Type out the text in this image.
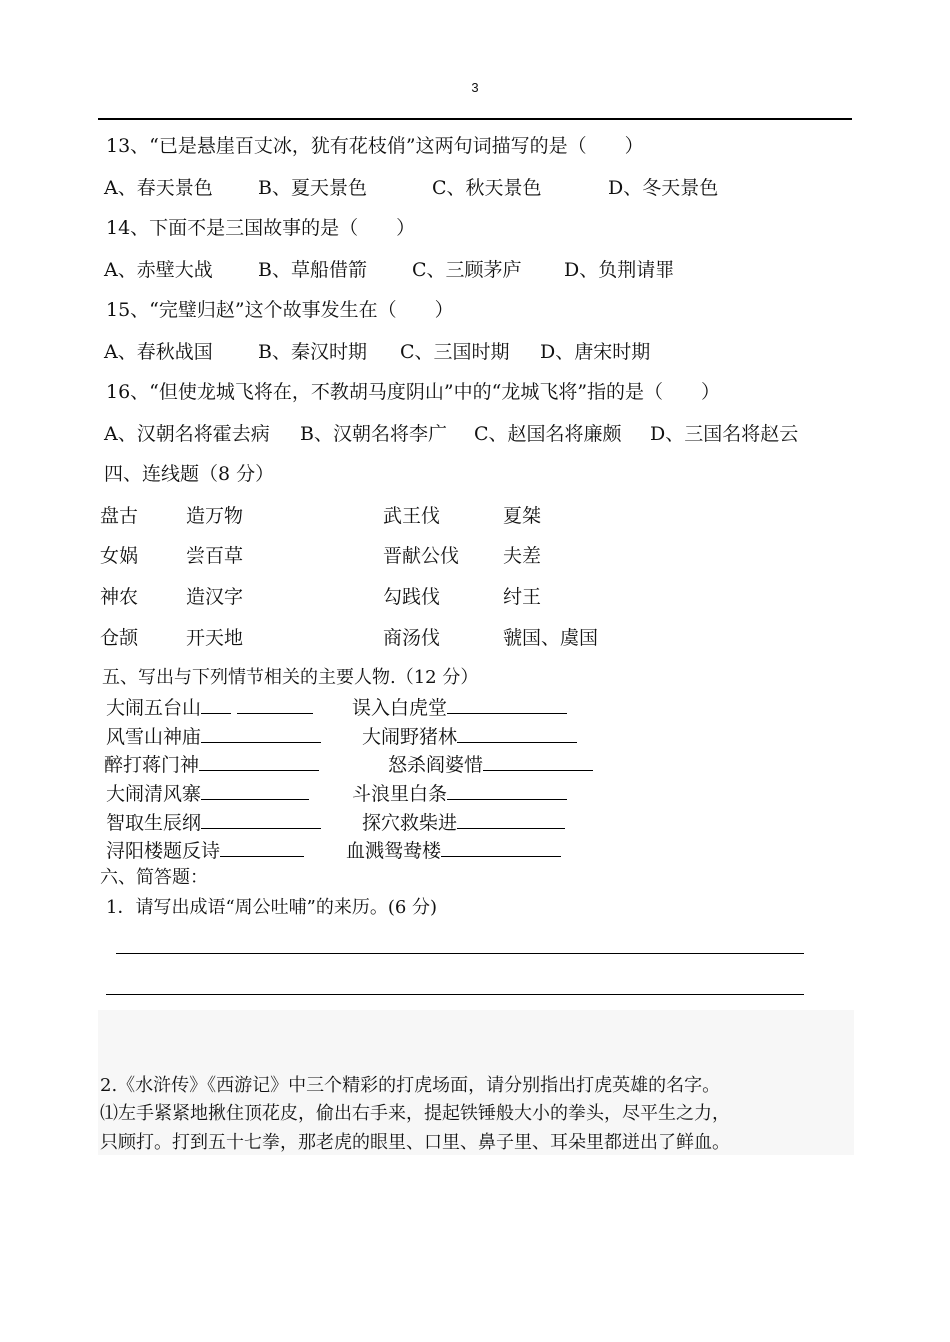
3
13、“已是悬崖百丈冰，犹有花枝俏”这两句词描写的是（　　）
A、春天景色 B、夏天景色	C、秋天景色	D、冬天景色
14、下面不是三国故事的是（　　）
A、赤壁大战 B、草船借箭 C、三顾茅庐 D、负荆请罪
15、“完璧归赵”这个故事发生在（　　）
A、春秋战国 B、秦汉时期 C、三国时期 D、唐宋时期
16、“但使龙城飞将在，不教胡马度阴山”中的“龙城飞将”指的是（　　）
A、汉朝名将霍去病 B、汉朝名将李广 C、赵国名将廉颇 D、三国名将赵云
四、连线题（8 分）
盘古	造万物	武王伐	夏桀
女娲	尝百草	晋献公伐 夫差
神农	造汉字	勾践伐	纣王
仓颉	开天地	商汤伐	虢国、虞国
五、写出与下列情节相关的主要人物.（12 分）
大闹五台山	误入白虎堂
风雪山神庙	大闹野猪林
醉打蒋门神	怒杀阎婆惜
大闹清风寨	斗浪里白条
智取生辰纲	探穴救柴进
浔阳楼题反诗	血溅鸳鸯楼
六、简答题：
1．请写出成语“周公吐哺”的来历。(6 分)
2.《水浒传》《西游记》中三个精彩的打虎场面，请分别指出打虎英雄的名字。
⑴左手紧紧地揪住顶花皮，偷出右手来，提起铁锤般大小的拳头，尽平生之力，
只顾打。打到五十七拳，那老虎的眼里、口里、鼻子里、耳朵里都迸出了鲜血。
